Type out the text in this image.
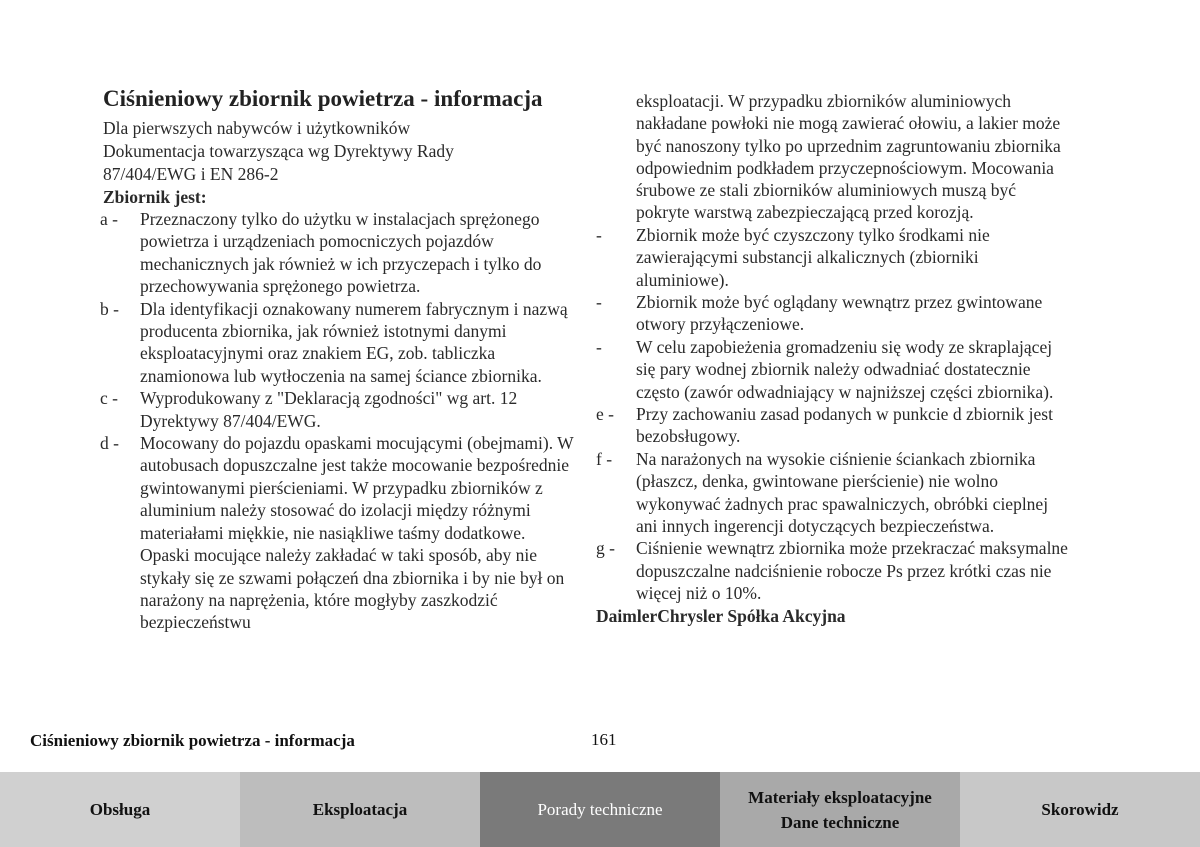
Ciśnieniowy zbiornik powietrza - informacja
Dla pierwszych nabywców i użytkowników
Dokumentacja towarzysząca wg Dyrektywy Rady
87/404/EWG i EN 286-2
Zbiornik jest:
a -	Przeznaczony tylko do użytku w instalacjach sprężonego powietrza i urządzeniach pomocniczych pojazdów mechanicznych jak również w ich przyczepach i tylko do przechowywania sprężonego powietrza.
b -	Dla identyfikacji oznakowany numerem fabrycznym i nazwą producenta zbiornika, jak również istotnymi danymi eksploatacyjnymi oraz znakiem EG, zob. tabliczka znamionowa lub wytłoczenia na samej ściance zbiornika.
c -	Wyprodukowany z "Deklaracją zgodności" wg art. 12 Dyrektywy 87/404/EWG.
d -	Mocowany do pojazdu opaskami mocującymi (obejmami). W autobusach dopuszczalne jest także mocowanie bezpośrednie gwintowanymi pierścieniami. W przypadku zbiorników z aluminium należy stosować do izolacji między różnymi materiałami miękkie, nie nasiąkliwe taśmy dodatkowe. Opaski mocujące należy zakładać w taki sposób, aby nie stykały się ze szwami połączeń dna zbiornika i by nie był on narażony na naprężenia, które mogłyby zaszkodzić bezpieczeństwu
eksploatacji. W przypadku zbiorników aluminiowych nakładane powłoki nie mogą zawierać ołowiu, a lakier może być nanoszony tylko po uprzednim zagruntowaniu zbiornika odpowiednim podkładem przyczepnościowym. Mocowania śrubowe ze stali zbiorników aluminiowych muszą być pokryte warstwą zabezpieczającą przed korozją.
-	Zbiornik może być czyszczony tylko środkami nie zawierającymi substancji alkalicznych (zbiorniki aluminiowe).
-	Zbiornik może być oglądany wewnątrz przez gwintowane otwory przyłączeniowe.
-	W celu zapobieżenia gromadzeniu się wody ze skraplającej się pary wodnej zbiornik należy odwadniać dostatecznie często (zawór odwadniający w najniższej części zbiornika).
e -	Przy zachowaniu zasad podanych w punkcie d zbiornik jest bezobsługowy.
f -	Na narażonych na wysokie ciśnienie ściankach zbiornika (płaszcz, denka, gwintowane pierścienie) nie wolno wykonywać żadnych prac spawalniczych, obróbki cieplnej ani innych ingerencji dotyczących bezpieczeństwa.
g -	Ciśnienie wewnątrz zbiornika może przekraczać maksymalne dopuszczalne nadciśnienie robocze Ps przez krótki czas nie więcej niż o 10%.
DaimlerChrysler Spółka Akcyjna
Ciśnieniowy zbiornik powietrza - informacja	161
Obsługa	Eksploatacja	Porady techniczne
Materiały eksploatacyjne
Dane techniczne
Skorowidz
